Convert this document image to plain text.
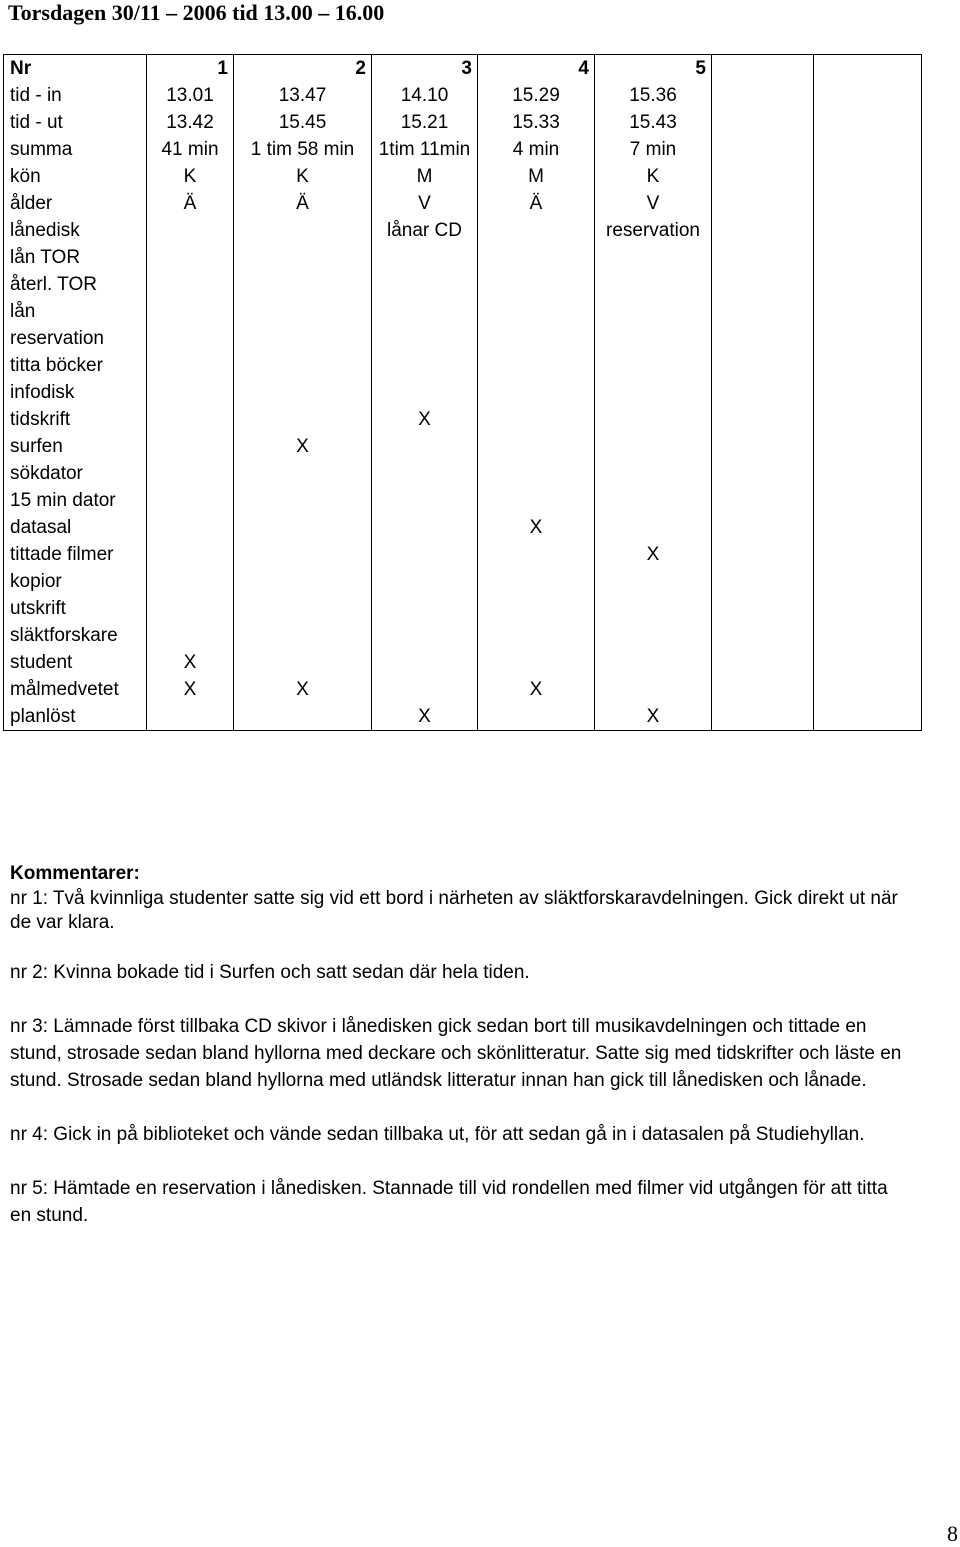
Torsdagen 30/11 – 2006 tid 13.00 – 16.00
Nr	1	2	3	4	5		
tid - in	13.01	13.47	14.10	15.29	15.36		
tid - ut	13.42	15.45	15.21	15.33	15.43		
summa	41 min	1 tim 58 min	1tim 11min	4 min	7 min		
kön	K	K	M	M	K		
ålder	Ä	Ä	V	Ä	V		
lånedisk			lånar CD		reservation		
lån TOR							
återl. TOR							
lån							
reservation							
titta böcker							
infodisk							
tidskrift			X				
surfen		X					
sökdator							
15 min dator							
datasal				X			
tittade filmer					X		
kopior							
utskrift							
släktforskare							
student	X						
målmedvetet	X	X		X			
planlöst			X		X		
Kommentarer:

nr 1: Två kvinnliga studenter satte sig vid ett bord i närheten av släktforskaravdelningen. Gick direkt ut när de var klara.

nr 2: Kvinna bokade tid i Surfen och satt sedan där hela tiden.

nr 3: Lämnade först tillbaka CD skivor i lånedisken gick sedan bort till musikavdelningen och tittade en stund, strosade sedan bland hyllorna med deckare och skönlitteratur. Satte sig med tidskrifter och läste en stund. Strosade sedan bland hyllorna med utländsk litteratur innan han gick till lånedisken och lånade.

nr 4: Gick in på biblioteket och vände sedan tillbaka ut, för att sedan gå in i datasalen på Studiehyllan.

nr 5: Hämtade en reservation i lånedisken. Stannade till vid rondellen med filmer vid utgången för att titta en stund.

8
